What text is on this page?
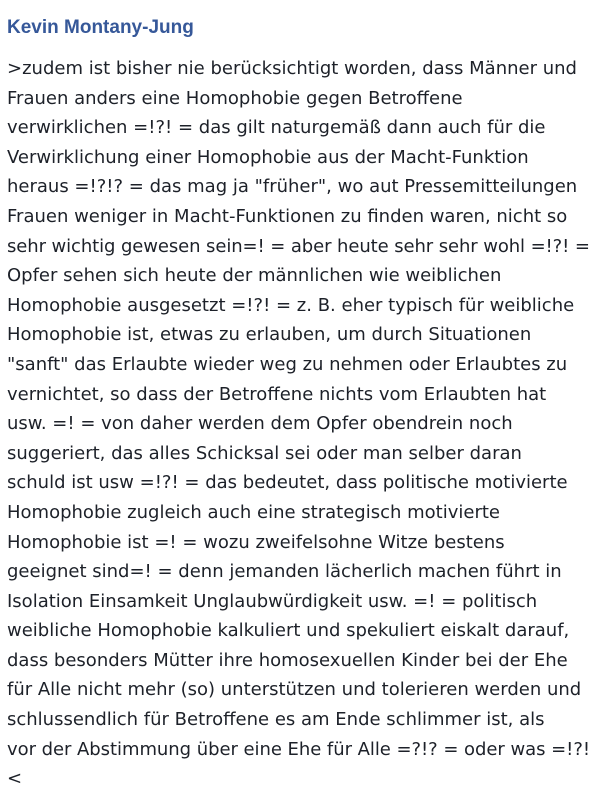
Kevin Montany-Jung
>zudem ist bisher nie berücksichtigt worden, dass Männer und
Frauen anders eine Homophobie gegen Betroffene
verwirklichen =!?! = das gilt naturgemäß dann auch für die
Verwirklichung einer Homophobie aus der Macht-Funktion
heraus =!?!? = das mag ja "früher", wo aut Pressemitteilungen
Frauen weniger in Macht-Funktionen zu finden waren, nicht so
sehr wichtig gewesen sein=! = aber heute sehr sehr wohl =!?! =
Opfer sehen sich heute der männlichen wie weiblichen
Homophobie ausgesetzt =!?! = z. B. eher typisch für weibliche
Homophobie ist, etwas zu erlauben, um durch Situationen
"sanft" das Erlaubte wieder weg zu nehmen oder Erlaubtes zu
vernichtet, so dass der Betroffene nichts vom Erlaubten hat
usw. =! = von daher werden dem Opfer obendrein noch
suggeriert, das alles Schicksal sei oder man selber daran
schuld ist usw =!?! = das bedeutet, dass politische motivierte
Homophobie zugleich auch eine strategisch motivierte
Homophobie ist =! = wozu zweifelsohne Witze bestens
geeignet sind=! = denn jemanden lächerlich machen führt in
Isolation Einsamkeit Unglaubwürdigkeit usw. =! = politisch
weibliche Homophobie kalkuliert und spekuliert eiskalt darauf,
dass besonders Mütter ihre homosexuellen Kinder bei der Ehe
für Alle nicht mehr (so) unterstützen und tolerieren werden und
schlussendlich für Betroffene es am Ende schlimmer ist, als
vor der Abstimmung über eine Ehe für Alle =?!? = oder was =!?!
<
